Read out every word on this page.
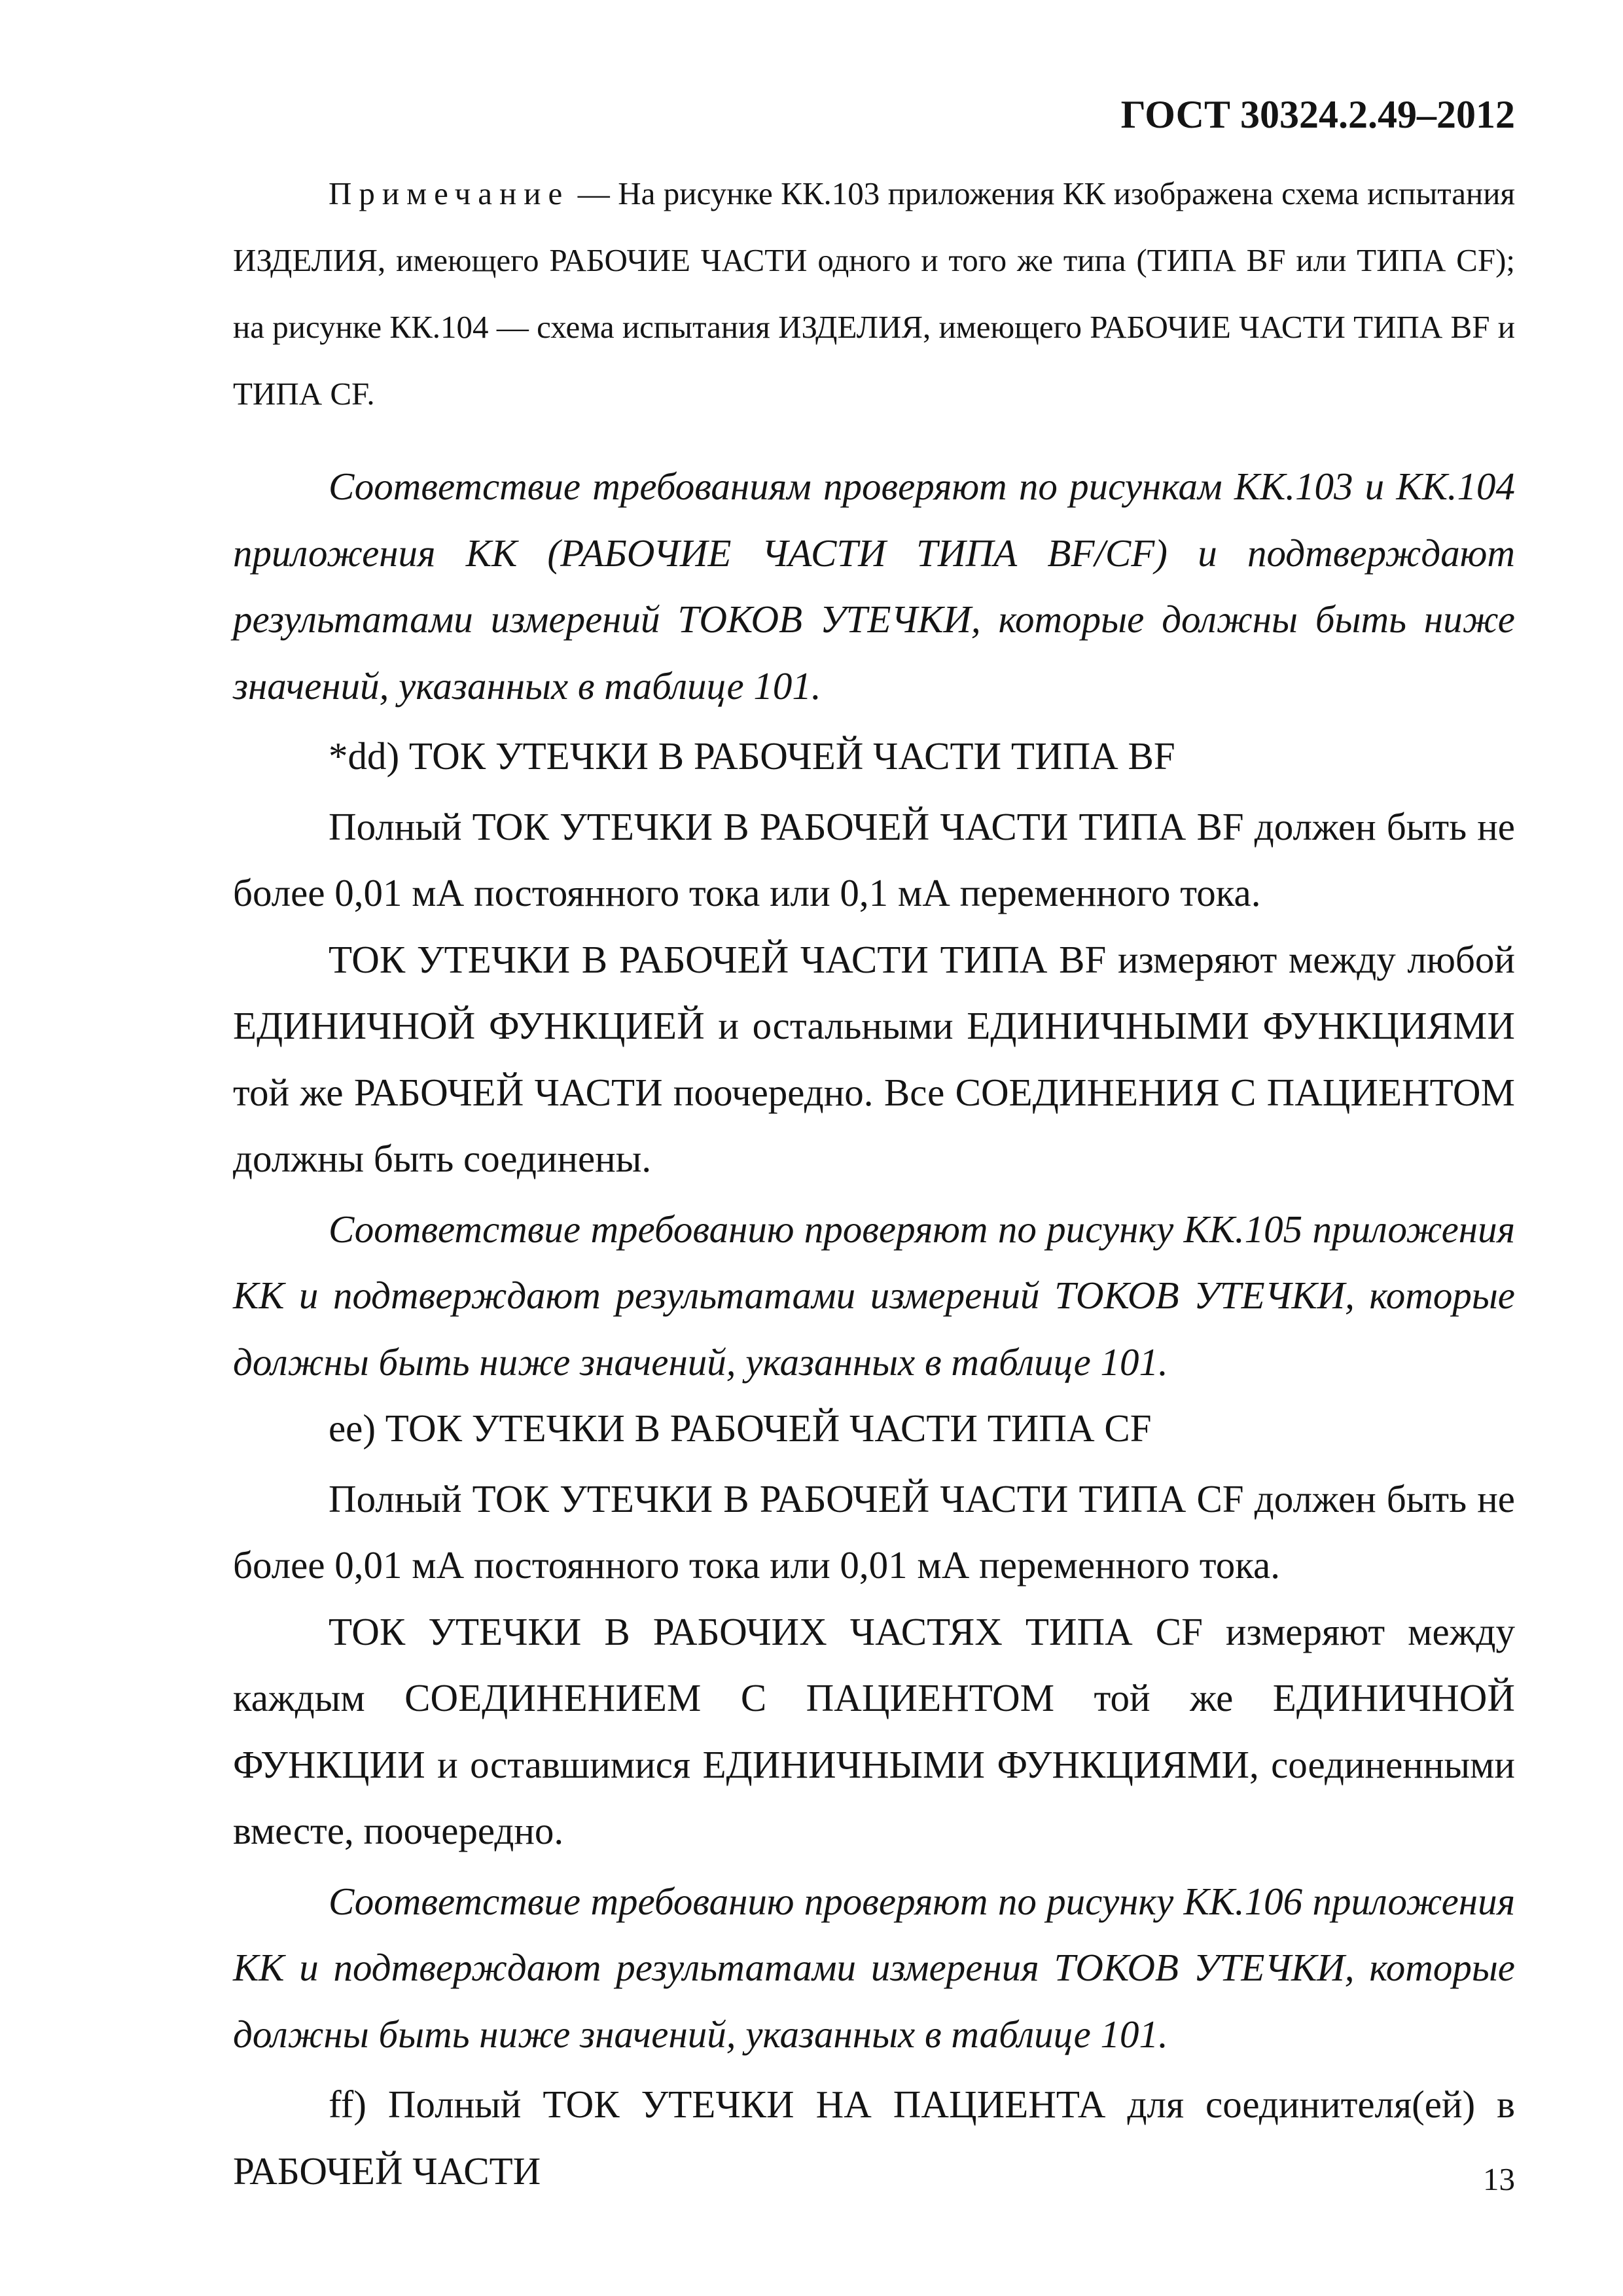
ГОСТ 30324.2.49–2012

Примечание — На рисунке КК.103 приложения КК изображена схема испытания ИЗДЕЛИЯ, имеющего РАБОЧИЕ ЧАСТИ одного и того же типа (ТИПА BF или ТИПА CF); на рисунке КК.104 — схема испытания ИЗДЕЛИЯ, имеющего РАБОЧИЕ ЧАСТИ ТИПА BF и ТИПА CF.

Соответствие требованиям проверяют по рисункам КК.103 и КК.104 приложения КК (РАБОЧИЕ ЧАСТИ ТИПА BF/CF) и подтверждают результатами измерений ТОКОВ УТЕЧКИ, которые должны быть ниже значений, указанных в таблице 101.

*dd) ТОК УТЕЧКИ В РАБОЧЕЙ ЧАСТИ ТИПА BF

Полный ТОК УТЕЧКИ В РАБОЧЕЙ ЧАСТИ ТИПА BF должен быть не более 0,01 мА постоянного тока или 0,1 мА переменного тока.

ТОК УТЕЧКИ В РАБОЧЕЙ ЧАСТИ ТИПА BF измеряют между любой ЕДИНИЧНОЙ ФУНКЦИЕЙ и остальными ЕДИНИЧНЫМИ ФУНКЦИЯМИ той же РАБОЧЕЙ ЧАСТИ поочередно. Все СОЕДИНЕНИЯ С ПАЦИЕНТОМ должны быть соединены.

Соответствие требованию проверяют по рисунку КК.105 приложения КК и подтверждают результатами измерений ТОКОВ УТЕЧКИ, которые должны быть ниже значений, указанных в таблице 101.

ee) ТОК УТЕЧКИ В РАБОЧЕЙ ЧАСТИ ТИПА CF

Полный ТОК УТЕЧКИ В РАБОЧЕЙ ЧАСТИ ТИПА CF должен быть не более 0,01 мА постоянного тока или 0,01 мА переменного тока.

ТОК УТЕЧКИ В РАБОЧИХ ЧАСТЯХ ТИПА CF измеряют между каждым СОЕДИНЕНИЕМ С ПАЦИЕНТОМ той же ЕДИНИЧНОЙ ФУНКЦИИ и оставшимися ЕДИНИЧНЫМИ ФУНКЦИЯМИ, соединенными вместе, поочередно.

Соответствие требованию проверяют по рисунку КК.106 приложения КК и подтверждают результатами измерения ТОКОВ УТЕЧКИ, которые должны быть ниже значений, указанных в таблице 101.

ff) Полный ТОК УТЕЧКИ НА ПАЦИЕНТА для соединителя(ей) в РАБОЧЕЙ ЧАСТИ	13
